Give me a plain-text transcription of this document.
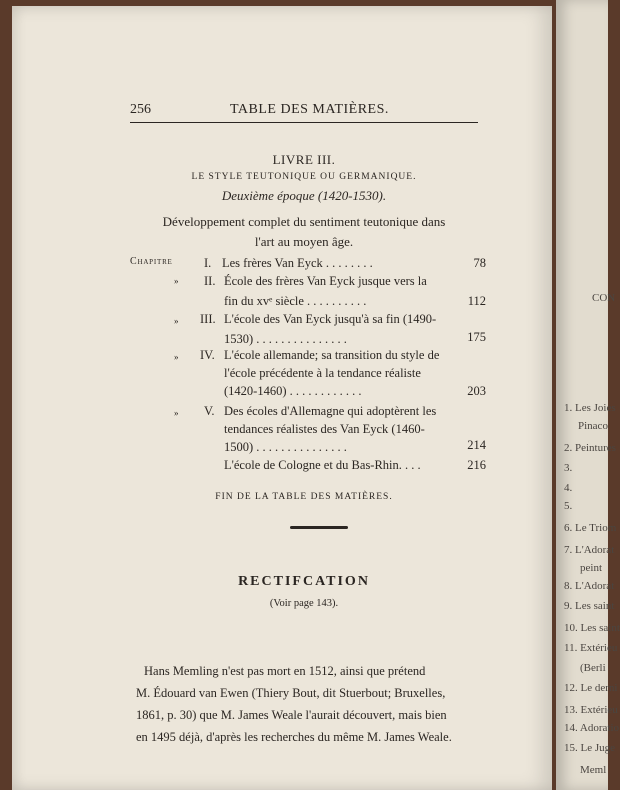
CON
1. Les Joies
Pinaco
2. Peintures
3.
4.
5.
6. Le Triom
7. L'Adorat
peint
8. L'Adorat
9. Les saint
10. Les saint
11. Extérieu
(Berli
12. Le derni
13. Extérieu
14. Adoratio
15. Le Juge
Meml
256	TABLE DES MATIÈRES.
LIVRE III.
LE STYLE TEUTONIQUE OU GERMANIQUE.
Deuxième époque (1420-1530).
Développement complet du sentiment teutonique dans
l'art au moyen âge.
Chapitre	I. Les frères Van Eyck . . . . . . . .	78
» II. École des frères Van Eyck jusque vers la
fin du xvᵉ siècle . . . . . . . . . .	112
» III. L'école des Van Eyck jusqu'à sa fin (1490-
1530) . . . . . . . . . . . . . . .	175
» IV. L'école allemande; sa transition du style de
l'école précédente à la tendance réaliste
(1420-1460) . . . . . . . . . . . .	203
» V. Des écoles d'Allemagne qui adoptèrent les
tendances réalistes des Van Eyck (1460-
1500) . . . . . . . . . . . . . . .	214
L'école de Cologne et du Bas-Rhin. . . .	216
FIN DE LA TABLE DES MATIÈRES.
RECTIFCATION
(Voir page 143).
Hans Memling n'est pas mort en 1512, ainsi que prétend
M. Édouard van Ewen (Thiery Bout, dit Stuerbout; Bruxelles,
1861, p. 30) que M. James Weale l'aurait découvert, mais bien
en 1495 déjà, d'après les recherches du même M. James Weale.
